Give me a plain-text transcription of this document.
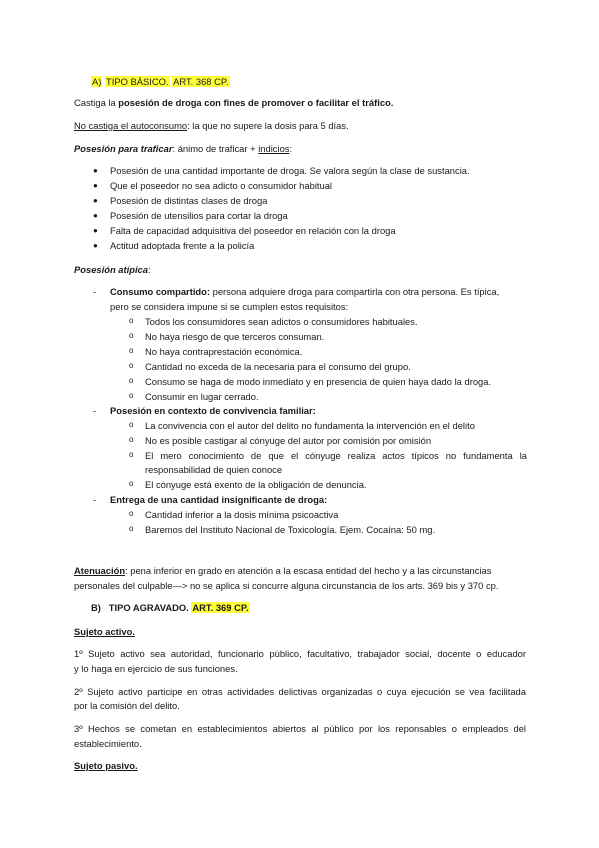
A) TIPO BÁSICO. ART. 368 CP.
Castiga la posesión de droga con fines de promover o facilitar el tráfico.
No castiga el autoconsumo: la que no supere la dosis para 5 días.
Posesión para traficar: ánimo de traficar + indicios:
● Posesión de una cantidad importante de droga. Se valora según la clase de sustancia.
● Que el poseedor no sea adicto o consumidor habitual
● Posesión de distintas clases de droga
● Posesión de utensilios para cortar la droga
● Falta de capacidad adquisitiva del poseedor en relación con la droga
● Actitud adoptada frente a la policía
Posesión atípica:
- Consumo compartido: persona adquiere droga para compartirla con otra persona. Es típica,
pero se considera impune si se cumplen estos requisitos:
o Todos los consumidores sean adictos o consumidores habituales.
o No haya riesgo de que terceros consuman.
o No haya contraprestación económica.
o Cantidad no exceda de la necesaria para el consumo del grupo.
o Consumo se haga de modo inmediato y en presencia de quien haya dado la droga.
o Consumir en lugar cerrado.
- Posesión en contexto de convivencia familiar:
o La convivencia con el autor del delito no fundamenta la intervención en el delito
o No es posible castigar al cónyuge del autor por comisión por omisión
o El mero conocimiento de que el cónyuge realiza actos típicos no fundamenta la
responsabilidad de quien conoce
o El cónyuge está exento de la obligación de denuncia.
- Entrega de una cantidad insignificante de droga:
o Cantidad inferior a la dosis mínima psicoactiva
o Baremos del Instituto Nacional de Toxicología. Ejem. Cocaína: 50 mg.
Atenuación: pena inferior en grado en atención a la escasa entidad del hecho y a las circunstancias
personales del culpable—> no se aplica si concurre alguna circunstancia de los arts. 369 bis y 370 cp.
B) TIPO AGRAVADO. ART. 369 CP.
Sujeto activo.
1º Sujeto activo sea autoridad, funcionario público, facultativo, trabajador social, docente o educador
y lo haga en ejercicio de sus funciones.
2º Sujeto activo participe en otras actividades delictivas organizadas o cuya ejecución se vea facilitada
por la comisión del delito.
3º Hechos se cometan en establecimientos abiertos al público por los reponsables o empleados del
establecimiento.
Sujeto pasivo.
